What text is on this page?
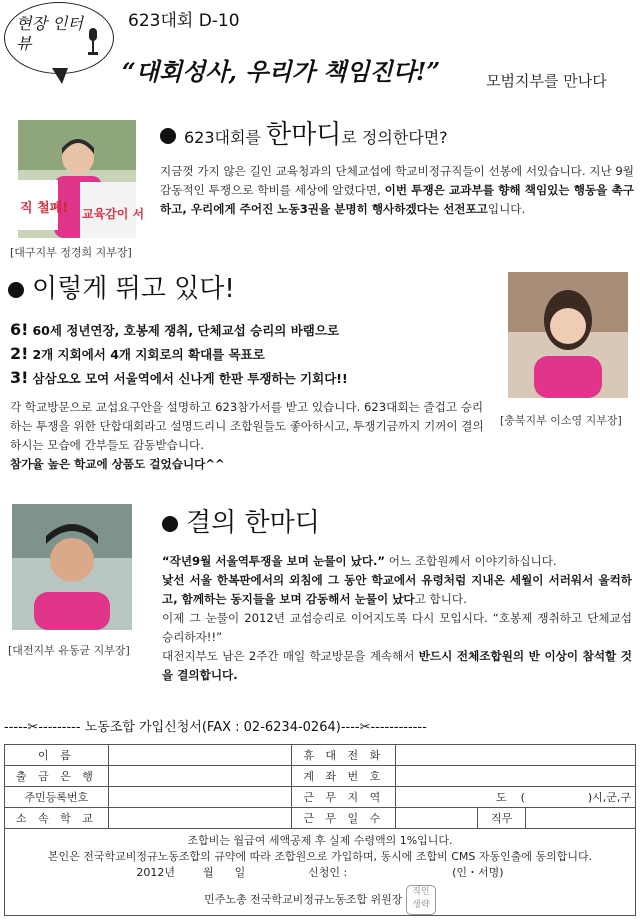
현장 인터뷰
623대회 D-10
“대회성사, 우리가 책임진다!”	모범지부를 만나다
직 철폐! 교육감이 서
[대구지부 정경희 지부장]
623대회를 한마디로 정의한다면?
지금껏 가지 않은 길인 교육청과의 단체교섭에 학교비정규직들이 선봉에 서있습니다. 지난 9월 감동적인 투쟁으로 학비를 세상에 알렸다면, 이번 투쟁은 교과부를 향해 책임있는 행동을 촉구하고, 우리에게 주어진 노동3권을 분명히 행사하겠다는 선전포고입니다.
이렇게 뛰고 있다!
[충북지부 이소영 지부장]
6! 60세 정년연장, 호봉제 쟁취, 단체교섭 승리의 바램으로
2! 2개 지회에서 4개 지회로의 확대를 목표로
3! 삼삼오오 모여 서울역에서 신나게 한판 투쟁하는 기회다!!
각 학교방문으로 교섭요구안을 설명하고 623참가서를 받고 있습니다. 623대회는 즐겁고 승리하는 투쟁을 위한 단합대회라고 설명드리니 조합원들도 좋아하시고, 투쟁기금까지 기꺼이 결의하시는 모습에 간부들도 감동받습니다.
참가율 높은 학교에 상품도 걸었습니다^^
[대전지부 유동균 지부장]
결의 한마디
“작년9월 서울역투쟁을 보며 눈물이 났다.” 어느 조합원께서 이야기하십니다.
낯선 서울 한복판에서의 외침에 그 동안 학교에서 유령처럼 지내온 세월이 서러워서 울컥하고, 함께하는 동지들을 보며 감동해서 눈물이 났다고 합니다.
이제 그 눈물이 2012년 교섭승리로 이어지도록 다시 모입시다. “호봉제 쟁취하고 단체교섭 승리하자!!”
대전지부도 남은 2주간 매일 학교방문을 계속해서 반드시 전체조합원의 반 이상이 참석할 것을 결의합니다.
-----✂--------- 노동조합 가입신청서(FAX : 02-6234-0264)----✂------------
이 름		휴 대 전 화			
출 금 은 행		계 좌 번 호			
주민등록번호		근 무 지 역	도    (                  )시,군,구		
소 속 학 교		근 무 일 수		직무	

조합비는 월급여 세액공제 후 실제 수령액의 1%입니다.
본인은 전국학교비정규노동조합의 규약에 따라 조합원으로 가입하며, 동시에 조합비 CMS 자동인출에 동의합니다.
2012년        월      일                  신청인 :                              (인・서명)
민주노총 전국학교비정규노동조합 위원장 직인 생략					
